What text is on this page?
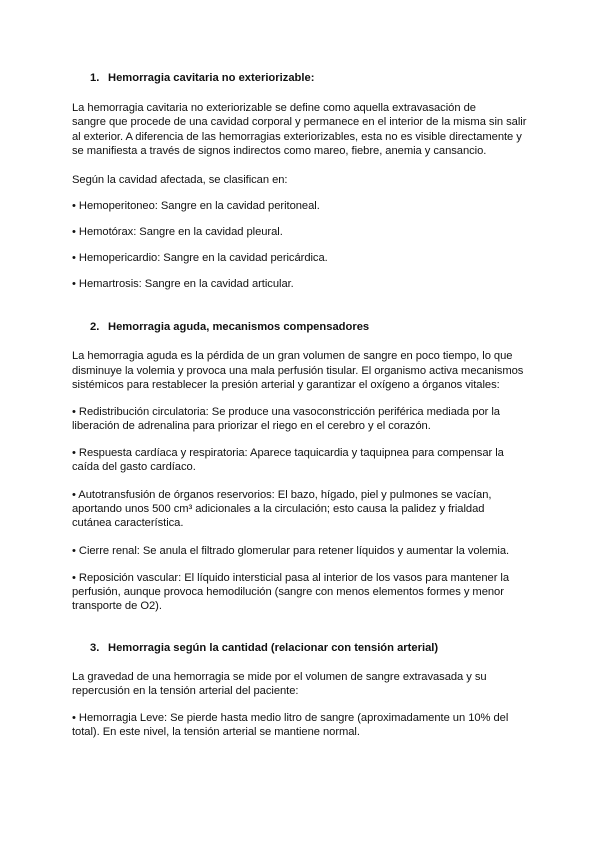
1. Hemorragia cavitaria no exteriorizable:
La hemorragia cavitaria no exteriorizable se define como aquella extravasación de
sangre que procede de una cavidad corporal y permanece en el interior de la misma sin salir
al exterior. A diferencia de las hemorragias exteriorizables, esta no es visible directamente y
se manifiesta a través de signos indirectos como mareo, fiebre, anemia y cansancio.
Según la cavidad afectada, se clasifican en:
• Hemoperitoneo: Sangre en la cavidad peritoneal.
• Hemotórax: Sangre en la cavidad pleural.
• Hemopericardio: Sangre en la cavidad pericárdica.
• Hemartrosis: Sangre en la cavidad articular.
2. Hemorragia aguda, mecanismos compensadores
La hemorragia aguda es la pérdida de un gran volumen de sangre en poco tiempo, lo que
disminuye la volemia y provoca una mala perfusión tisular. El organismo activa mecanismos
sistémicos para restablecer la presión arterial y garantizar el oxígeno a órganos vitales:
• Redistribución circulatoria: Se produce una vasoconstricción periférica mediada por la
liberación de adrenalina para priorizar el riego en el cerebro y el corazón.
• Respuesta cardíaca y respiratoria: Aparece taquicardia y taquipnea para compensar la
caída del gasto cardíaco.
• Autotransfusión de órganos reservorios: El bazo, hígado, piel y pulmones se vacían,
aportando unos 500 cm³ adicionales a la circulación; esto causa la palidez y frialdad
cutánea característica.
• Cierre renal: Se anula el filtrado glomerular para retener líquidos y aumentar la volemia.
• Reposición vascular: El líquido intersticial pasa al interior de los vasos para mantener la
perfusión, aunque provoca hemodilución (sangre con menos elementos formes y menor
transporte de O2).
3. Hemorragia según la cantidad (relacionar con tensión arterial)
La gravedad de una hemorragia se mide por el volumen de sangre extravasada y su
repercusión en la tensión arterial del paciente:
• Hemorragia Leve: Se pierde hasta medio litro de sangre (aproximadamente un 10% del
total). En este nivel, la tensión arterial se mantiene normal.
